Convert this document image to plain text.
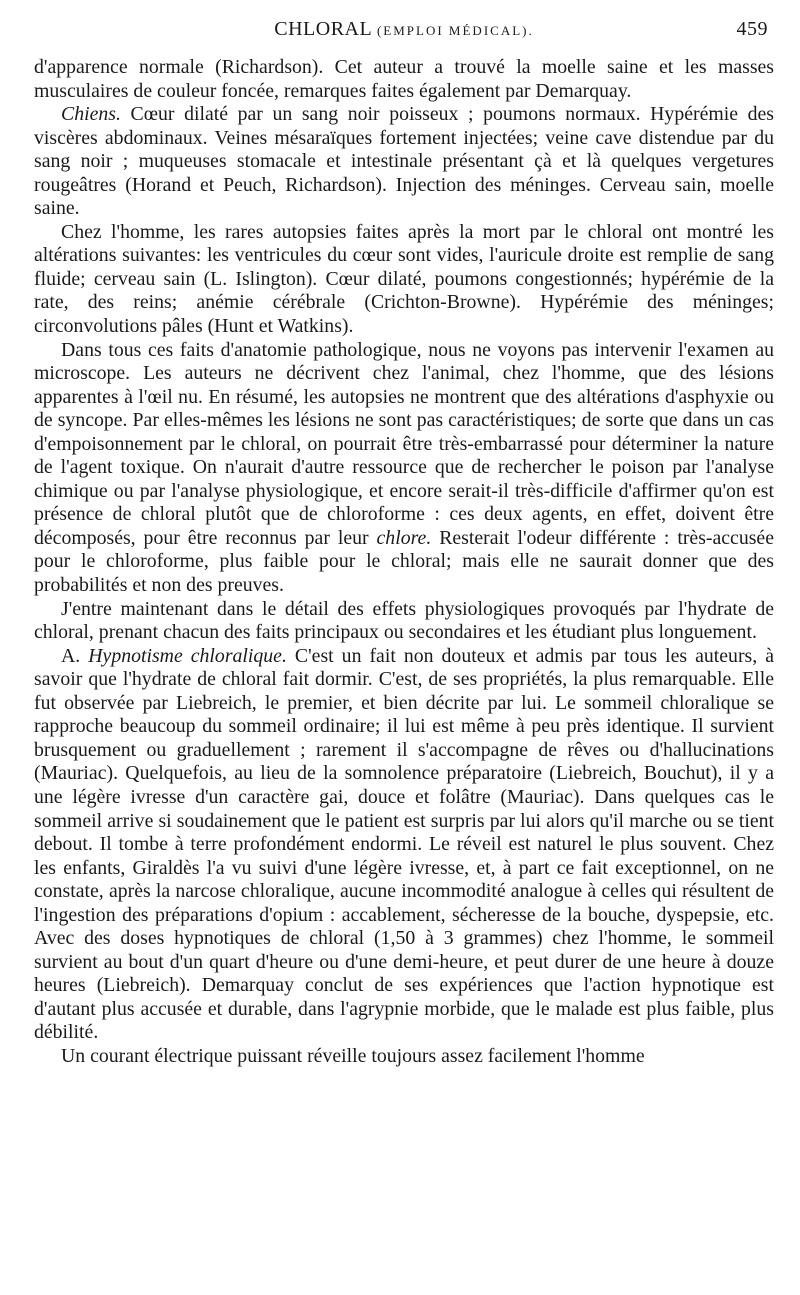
CHLORAL (EMPLOI MÉDICAL).	459

d'apparence normale (Richardson). Cet auteur a trouvé la moelle saine et les masses musculaires de couleur foncée, remarques faites également par Demarquay.

Chiens. Cœur dilaté par un sang noir poisseux ; poumons normaux. Hypérémie des viscères abdominaux. Veines mésaraïques fortement injectées; veine cave distendue par du sang noir ; muqueuses stomacale et intestinale présentant çà et là quelques vergetures rougeâtres (Horand et Peuch, Richardson). Injection des méninges. Cerveau sain, moelle saine.

Chez l'homme, les rares autopsies faites après la mort par le chloral ont montré les altérations suivantes: les ventricules du cœur sont vides, l'auricule droite est remplie de sang fluide; cerveau sain (L. Islington). Cœur dilaté, poumons congestionnés; hypérémie de la rate, des reins; anémie cérébrale (Crichton-Browne). Hypérémie des méninges; circonvolutions pâles (Hunt et Watkins).

Dans tous ces faits d'anatomie pathologique, nous ne voyons pas intervenir l'examen au microscope. Les auteurs ne décrivent chez l'animal, chez l'homme, que des lésions apparentes à l'œil nu. En résumé, les autopsies ne montrent que des altérations d'asphyxie ou de syncope. Par elles-mêmes les lésions ne sont pas caractéristiques; de sorte que dans un cas d'empoisonnement par le chloral, on pourrait être très-embarrassé pour déterminer la nature de l'agent toxique. On n'aurait d'autre ressource que de rechercher le poison par l'analyse chimique ou par l'analyse physiologique, et encore serait-il très-difficile d'affirmer qu'on est présence de chloral plutôt que de chloroforme : ces deux agents, en effet, doivent être décomposés, pour être reconnus par leur chlore. Resterait l'odeur différente : très-accusée pour le chloroforme, plus faible pour le chloral; mais elle ne saurait donner que des probabilités et non des preuves.

J'entre maintenant dans le détail des effets physiologiques provoqués par l'hydrate de chloral, prenant chacun des faits principaux ou secondaires et les étudiant plus longuement.

A. Hypnotisme chloralique. C'est un fait non douteux et admis par tous les auteurs, à savoir que l'hydrate de chloral fait dormir. C'est, de ses propriétés, la plus remarquable. Elle fut observée par Liebreich, le premier, et bien décrite par lui. Le sommeil chloralique se rapproche beaucoup du sommeil ordinaire; il lui est même à peu près identique. Il survient brusquement ou graduellement ; rarement il s'accompagne de rêves ou d'hallucinations (Mauriac). Quelquefois, au lieu de la somnolence préparatoire (Liebreich, Bouchut), il y a une légère ivresse d'un caractère gai, douce et folâtre (Mauriac). Dans quelques cas le sommeil arrive si soudainement que le patient est surpris par lui alors qu'il marche ou se tient debout. Il tombe à terre profondément endormi. Le réveil est naturel le plus souvent. Chez les enfants, Giraldès l'a vu suivi d'une légère ivresse, et, à part ce fait exceptionnel, on ne constate, après la narcose chloralique, aucune incommodité analogue à celles qui résultent de l'ingestion des préparations d'opium : accablement, sécheresse de la bouche, dyspepsie, etc. Avec des doses hypnotiques de chloral (1,50 à 3 grammes) chez l'homme, le sommeil survient au bout d'un quart d'heure ou d'une demi-heure, et peut durer de une heure à douze heures (Liebreich). Demarquay conclut de ses expériences que l'action hypnotique est d'autant plus accusée et durable, dans l'agrypnie morbide, que le malade est plus faible, plus débilité.

Un courant électrique puissant réveille toujours assez facilement l'homme
